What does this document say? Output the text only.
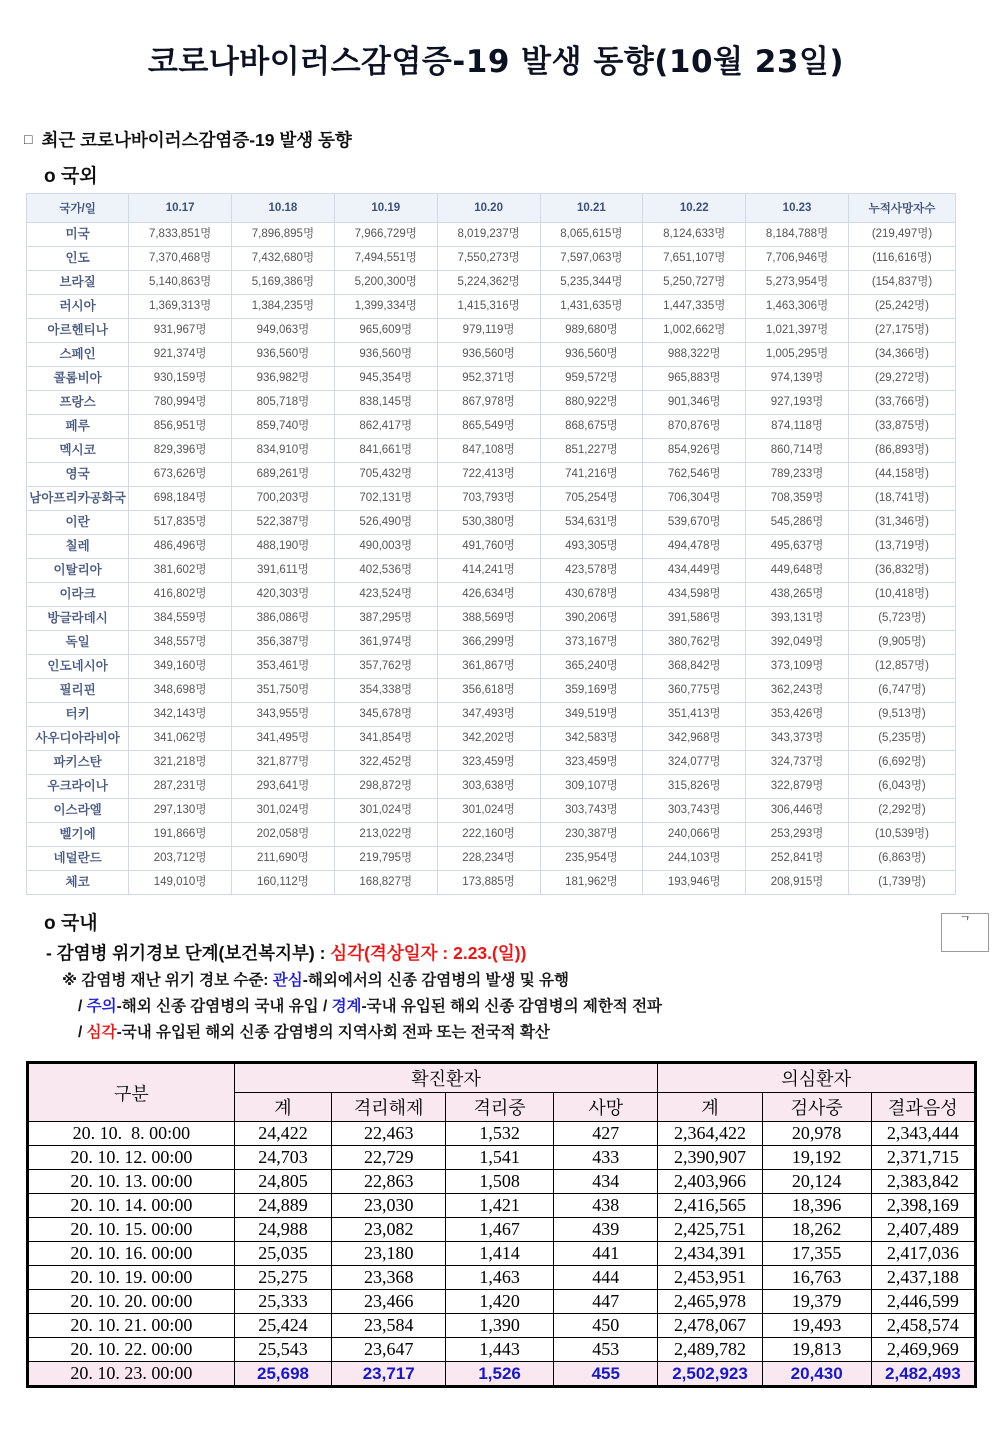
코로나바이러스감염증-19 발생 동향(10월 23일)
□ 최근 코로나바이러스감염증-19 발생 동향
o 국외
국가/일	10.17	10.18	10.19	10.20	10.21	10.22	10.23	누적사망자수
미국	7,833,851명	7,896,895명	7,966,729명	8,019,237명	8,065,615명	8,124,633명	8,184,788명	(219,497명)
인도	7,370,468명	7,432,680명	7,494,551명	7,550,273명	7,597,063명	7,651,107명	7,706,946명	(116,616명)
브라질	5,140,863명	5,169,386명	5,200,300명	5,224,362명	5,235,344명	5,250,727명	5,273,954명	(154,837명)
러시아	1,369,313명	1,384,235명	1,399,334명	1,415,316명	1,431,635명	1,447,335명	1,463,306명	(25,242명)
아르헨티나	931,967명	949,063명	965,609명	979,119명	989,680명	1,002,662명	1,021,397명	(27,175명)
스페인	921,374명	936,560명	936,560명	936,560명	936,560명	988,322명	1,005,295명	(34,366명)
콜롬비아	930,159명	936,982명	945,354명	952,371명	959,572명	965,883명	974,139명	(29,272명)
프랑스	780,994명	805,718명	838,145명	867,978명	880,922명	901,346명	927,193명	(33,766명)
페루	856,951명	859,740명	862,417명	865,549명	868,675명	870,876명	874,118명	(33,875명)
멕시코	829,396명	834,910명	841,661명	847,108명	851,227명	854,926명	860,714명	(86,893명)
영국	673,626명	689,261명	705,432명	722,413명	741,216명	762,546명	789,233명	(44,158명)
남아프리카공화국	698,184명	700,203명	702,131명	703,793명	705,254명	706,304명	708,359명	(18,741명)
이란	517,835명	522,387명	526,490명	530,380명	534,631명	539,670명	545,286명	(31,346명)
칠레	486,496명	488,190명	490,003명	491,760명	493,305명	494,478명	495,637명	(13,719명)
이탈리아	381,602명	391,611명	402,536명	414,241명	423,578명	434,449명	449,648명	(36,832명)
이라크	416,802명	420,303명	423,524명	426,634명	430,678명	434,598명	438,265명	(10,418명)
방글라데시	384,559명	386,086명	387,295명	388,569명	390,206명	391,586명	393,131명	(5,723명)
독일	348,557명	356,387명	361,974명	366,299명	373,167명	380,762명	392,049명	(9,905명)
인도네시아	349,160명	353,461명	357,762명	361,867명	365,240명	368,842명	373,109명	(12,857명)
필리핀	348,698명	351,750명	354,338명	356,618명	359,169명	360,775명	362,243명	(6,747명)
터키	342,143명	343,955명	345,678명	347,493명	349,519명	351,413명	353,426명	(9,513명)
사우디아라비아	341,062명	341,495명	341,854명	342,202명	342,583명	342,968명	343,373명	(5,235명)
파키스탄	321,218명	321,877명	322,452명	323,459명	323,459명	324,077명	324,737명	(6,692명)
우크라이나	287,231명	293,641명	298,872명	303,638명	309,107명	315,826명	322,879명	(6,043명)
이스라엘	297,130명	301,024명	301,024명	301,024명	303,743명	303,743명	306,446명	(2,292명)
벨기에	191,866명	202,058명	213,022명	222,160명	230,387명	240,066명	253,293명	(10,539명)
네덜란드	203,712명	211,690명	219,795명	228,234명	235,954명	244,103명	252,841명	(6,863명)
체코	149,010명	160,112명	168,827명	173,885명	181,962명	193,946명	208,915명	(1,739명)
ᄀ
o 국내
- 감염병 위기경보 단계(보건복지부) : 심각(격상일자 : 2.23.(일))
※ 감염병 재난 위기 경보 수준: 관심-해외에서의 신종 감염병의 발생 및 유행
/ 주의-해외 신종 감염병의 국내 유입 / 경계-국내 유입된 해외 신종 감염병의 제한적 전파
/ 심각-국내 유입된 해외 신종 감염병의 지역사회 전파 또는 전국적 확산
구분	확진환자				의심환자		
	계	격리해제	격리중	사망	계	검사중	결과음성
20. 10.  8. 00:00	24,422	22,463	1,532	427	2,364,422	20,978	2,343,444
20. 10. 12. 00:00	24,703	22,729	1,541	433	2,390,907	19,192	2,371,715
20. 10. 13. 00:00	24,805	22,863	1,508	434	2,403,966	20,124	2,383,842
20. 10. 14. 00:00	24,889	23,030	1,421	438	2,416,565	18,396	2,398,169
20. 10. 15. 00:00	24,988	23,082	1,467	439	2,425,751	18,262	2,407,489
20. 10. 16. 00:00	25,035	23,180	1,414	441	2,434,391	17,355	2,417,036
20. 10. 19. 00:00	25,275	23,368	1,463	444	2,453,951	16,763	2,437,188
20. 10. 20. 00:00	25,333	23,466	1,420	447	2,465,978	19,379	2,446,599
20. 10. 21. 00:00	25,424	23,584	1,390	450	2,478,067	19,493	2,458,574
20. 10. 22. 00:00	25,543	23,647	1,443	453	2,489,782	19,813	2,469,969
20. 10. 23. 00:00	25,698	23,717	1,526	455	2,502,923	20,430	2,482,493
